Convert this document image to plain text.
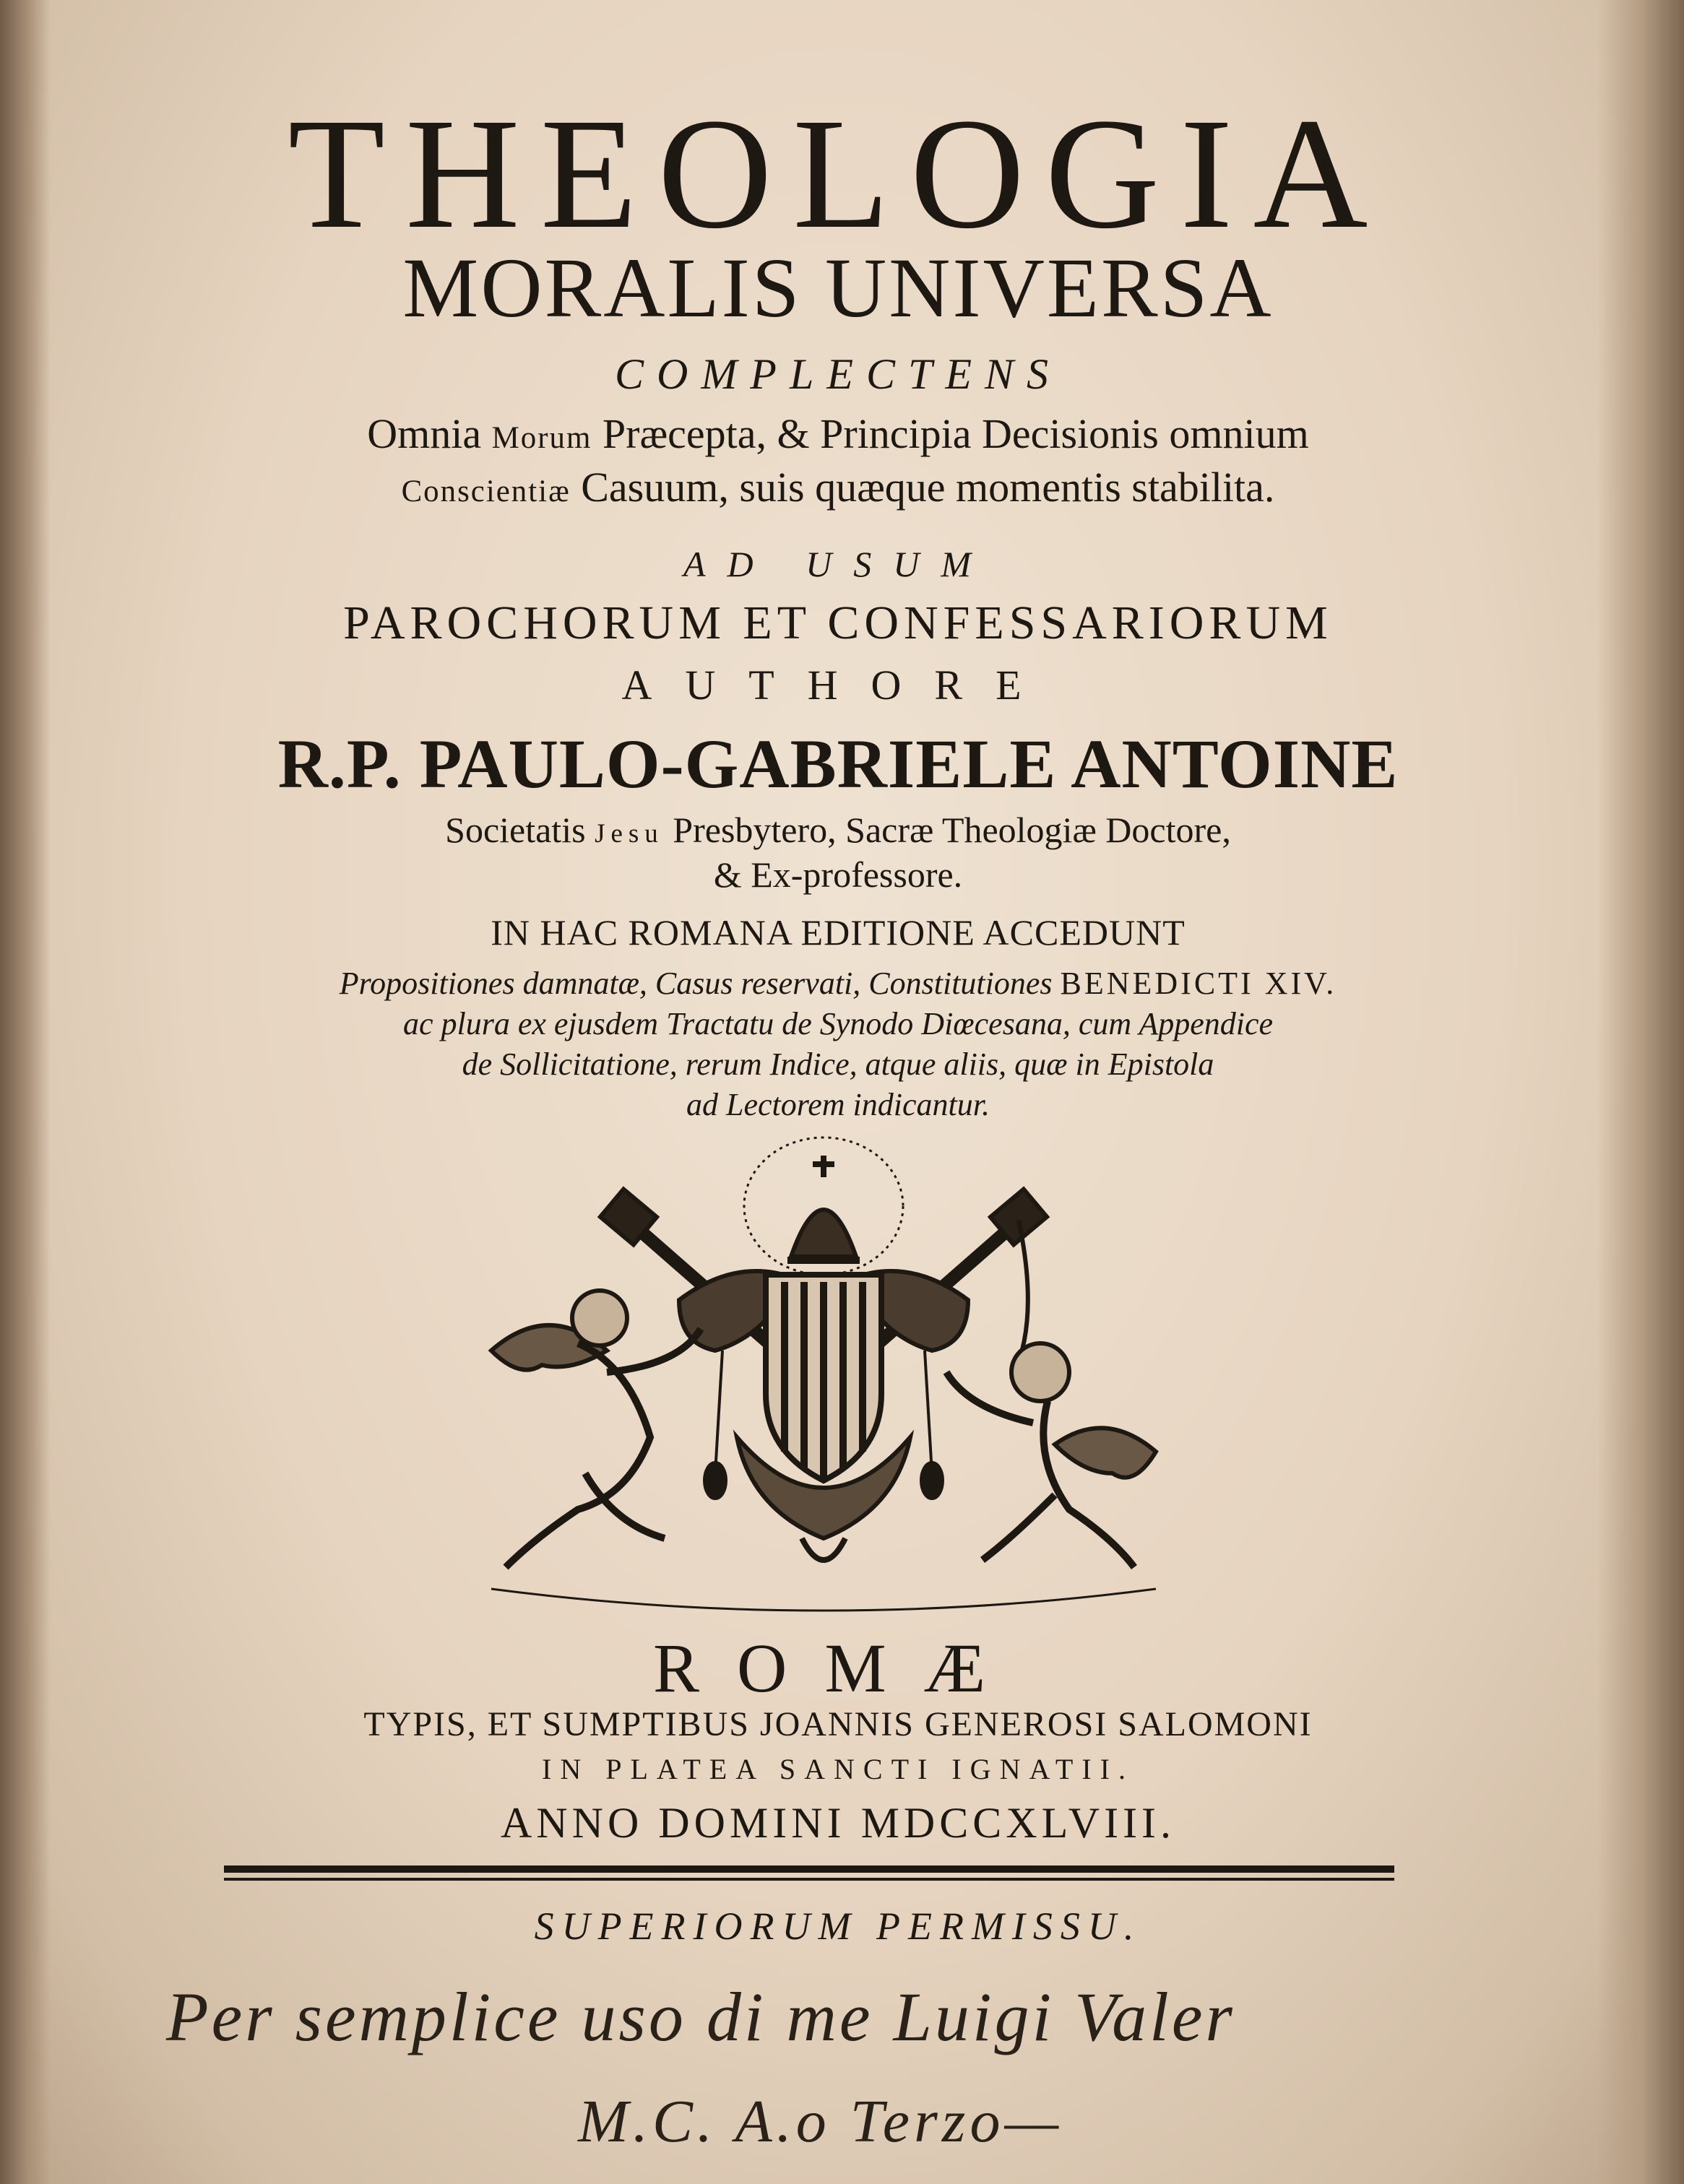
THEOLOGIA
MORALIS UNIVERSA
COMPLECTENS
Omnia Morum Præcepta, & Principia Decisionis omnium
Conscientiæ Casuum, suis quæque momentis stabilita.
AD USUM
PAROCHORUM ET CONFESSARIORUM
AUTHORE
R.P. PAULO-GABRIELE ANTOINE
Societatis Jesu Presbytero, Sacræ Theologiæ Doctore,
& Ex-professore.
IN HAC ROMANA EDITIONE ACCEDUNT
Propositiones damnatæ, Casus reservati, Constitutiones BENEDICTI XIV.
ac plura ex ejusdem Tractatu de Synodo Diœcesana, cum Appendice
de Sollicitatione, rerum Indice, atque aliis, quæ in Epistola
ad Lectorem indicantur.
ROMÆ
TYPIS, ET SUMPTIBUS JOANNIS GENEROSI SALOMONI
IN PLATEA SANCTI IGNATII.
ANNO DOMINI MDCCXLVIII.
SUPERIORUM PERMISSU.
Per semplice uso di me Luigi Valer
M.C. A.o Terzo—
